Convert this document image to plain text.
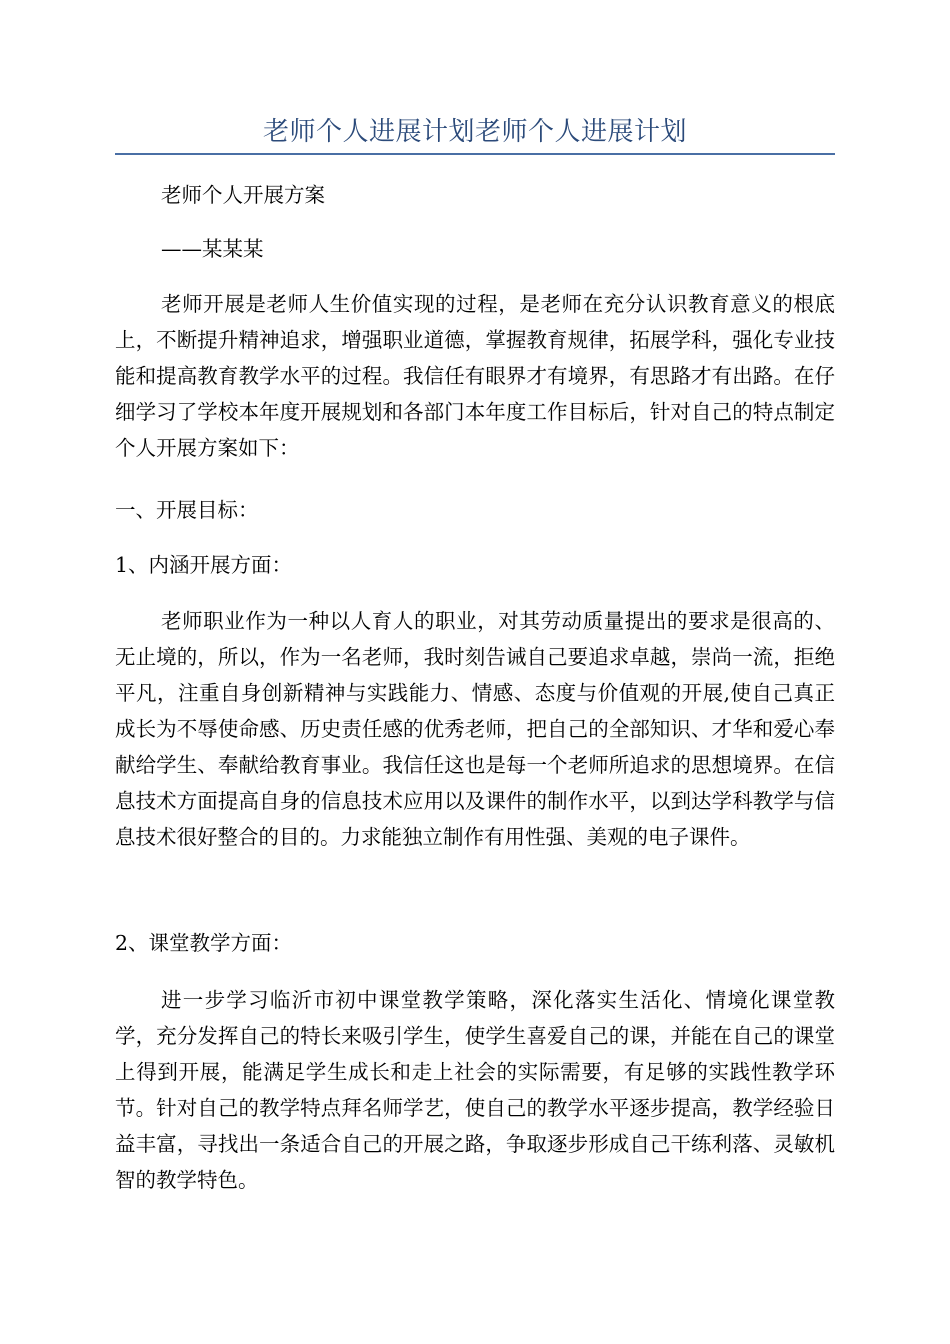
老师个人进展计划老师个人进展计划

老师个人开展方案

——某某某

老师开展是老师人生价值实现的过程，是老师在充分认识教育意义的根底上，不断提升精神追求，增强职业道德，掌握教育规律，拓展学科，强化专业技能和提高教育教学水平的过程。我信任有眼界才有境界，有思路才有出路。在仔细学习了学校本年度开展规划和各部门本年度工作目标后，针对自己的特点制定个人开展方案如下：

一、开展目标：

1、内涵开展方面：

老师职业作为一种以人育人的职业，对其劳动质量提出的要求是很高的、无止境的，所以，作为一名老师，我时刻告诫自己要追求卓越，崇尚一流，拒绝平凡，注重自身创新精神与实践能力、情感、态度与价值观的开展,使自己真正成长为不辱使命感、历史责任感的优秀老师，把自己的全部知识、才华和爱心奉献给学生、奉献给教育事业。我信任这也是每一个老师所追求的思想境界。在信息技术方面提高自身的信息技术应用以及课件的制作水平，以到达学科教学与信息技术很好整合的目的。力求能独立制作有用性强、美观的电子课件。

2、课堂教学方面：

进一步学习临沂市初中课堂教学策略，深化落实生活化、情境化课堂教学，充分发挥自己的特长来吸引学生，使学生喜爱自己的课，并能在自己的课堂上得到开展，能满足学生成长和走上社会的实际需要，有足够的实践性教学环节。针对自己的教学特点拜名师学艺，使自己的教学水平逐步提高，教学经验日益丰富，寻找出一条适合自己的开展之路，争取逐步形成自己干练利落、灵敏机智的教学特色。
